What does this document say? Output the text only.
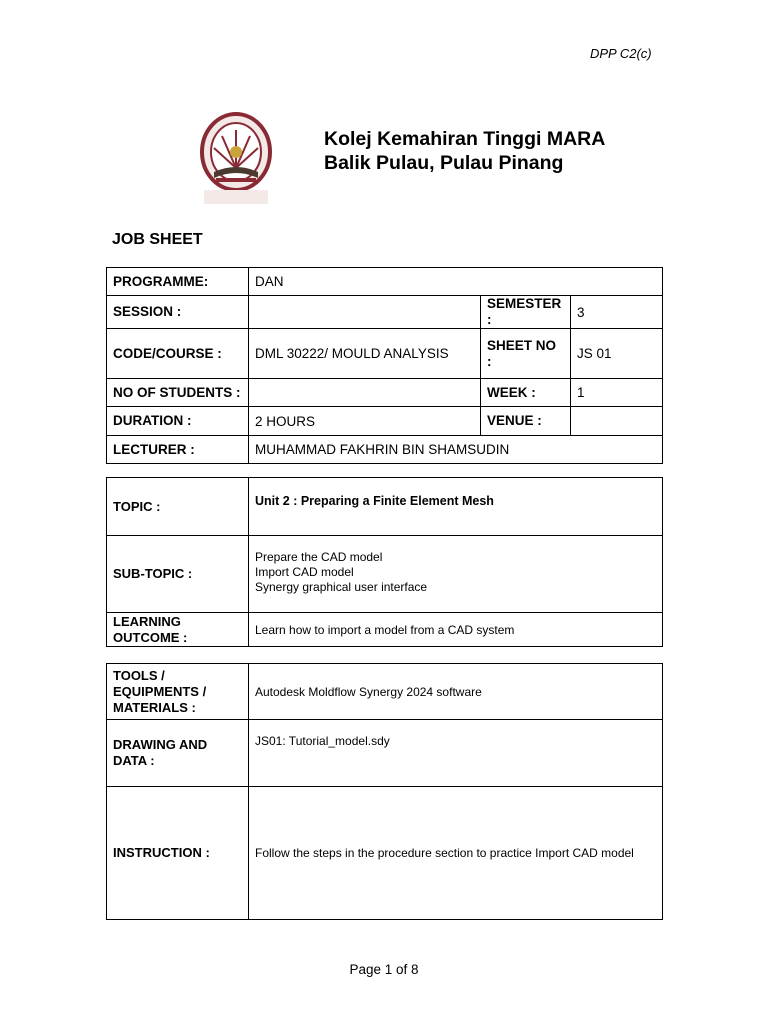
DPP C2(c)
Kolej Kemahiran Tinggi MARA
Balik Pulau, Pulau Pinang
JOB SHEET
PROGRAMME:	DAN		
SESSION :		SEMESTER :	3
CODE/COURSE :	DML 30222/ MOULD ANALYSIS	SHEET NO :	JS 01
NO OF STUDENTS :		WEEK :	1
DURATION :	2 HOURS	VENUE :	
LECTURER :	MUHAMMAD FAKHRIN BIN SHAMSUDIN		
TOPIC :	Unit 2 : Preparing a Finite Element Mesh
SUB-TOPIC :	Prepare the CAD model
Import CAD model
Synergy graphical user interface

LEARNING
OUTCOME :	Learn how to import a model from a CAD system
TOOLS /
EQUIPMENTS /
MATERIALS :	Autodesk Moldflow Synergy 2024 software

DRAWING AND
DATA :	JS01: Tutorial_model.sdy
INSTRUCTION :	Follow the steps in the procedure section to practice Import CAD model
Page 1 of 8
